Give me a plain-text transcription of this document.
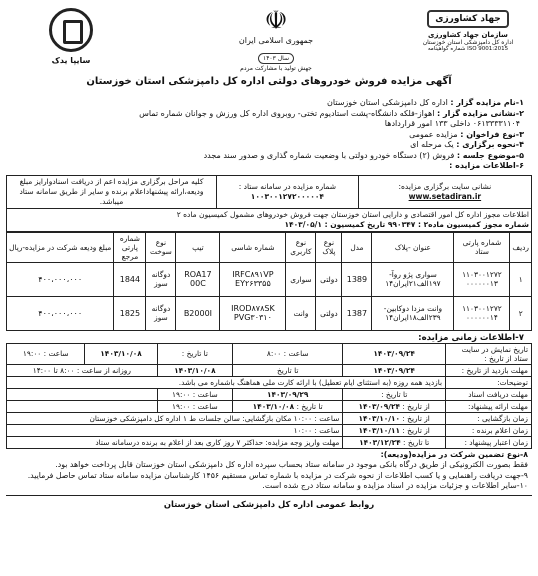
سایپا یدک
☫
جمهوری اسلامی ایران
سال ۱۴۰۳
جهش تولید با مشارکت مردم
جهاد کشاورزی
سازمان جهاد کشاورزی
اداره کل دامپزشکی استان خوزستان
ISO 9001:2015 شماره گواهینامه
آگهی مزایده فروش خودروهای دولتی اداره کل دامپزشکی استان خوزستان
۱-نام مزایده گزار : اداره کل دامپزشکی استان خوزستان
۲-نشانی مزایده گزار : اهواز-فلکه دانشگاه-پشت استادیوم تختی- روبروی اداره کل ورزش و جوانان شماره تماس
۰۶۱۳۳۳۳۱۱۰۴ داخلی ۱۳۳ امور قراردادها
۳-نوع فراخوان : مزایده عمومی
۴-نحوه برگزاری : یک مرحله ای
۵-موضوع جلسه : فروش (۲) دستگاه خودرو دولتی با وضعیت شماره گذاری و صدور سند مجدد
۶-اطلاعات مزایده :
نشانی سایت برگزاری مزایده:
www.setadiran.ir

شماره مزایده در سامانه ستاد :
۱۰۰۳۰۰۱۲۷۲۰۰۰۰۰۴
	کلیه مراحل برگزاری مزایده اعم از دریافت اسنادوارایز مبلغ ودیعه،ارائه پیشنهاداعلام برنده و سایر از طریق سامانه ستاد میباشد.

اطلاعات مجوز اداره کل امور اقتصادی و دارایی استان خوزستان جهت فروش خودروهای مشمول کمیسیون ماده ۲
شماره مجوز کمیسیون ماده۲ : ۹۹۰۳۴۷ تاریخ کمیسیون : ۱۴۰۳/۰۵/۱
ردیف	شماره پارتی ستاد	عنوان -پلاک	مدل	نوع پلاک	نوع کاربری	شماره شاسی	تیپ	نوع سوخت	شماره پارتی مرجع	مبلغ ودیعه شرکت در مزایده-ریال
۱	۱۱۰۳۰۰۱۲۷۲ ۰۰۰۰۰۰۱۳	سواری پژو روآ- ۱۹۷الف۲۱ایران۱۴	1389	دولتی	سواری	IRFC۸۹۱VP EY۲۶۳۳۵۵	ROA17 00C	دوگانه سوز	1844	۴۰۰،۰۰۰،۰۰۰
۲	۱۱۰۳۰۰۱۲۷۲ ۰۰۰۰۰۰۱۴	وانت مزدا دوکابین- ۲۳۹الف۱۸ایران۱۴	1387	دولتی	وانت	IROD۸۷۸SK PVG۳۰۳۱۰	B2000I	دوگانه سوز	1825	۴۰۰،۰۰۰،۰۰۰
۷-اطلاعات زمانی مزایده:
تاریخ نمایش در سایت ستاد از تاریخ :	۱۴۰۳/۰۹/۲۴	ساعت : ۸:۰۰	تا تاریخ :	۱۴۰۳/۱۰/۰۸	ساعت : ۱۹:۰۰
مهلت بازدید از تاریخ :	۱۴۰۳/۰۹/۲۴	تا تاریخ	۱۴۰۳/۱۰/۰۸	روزانه از ساعت : ۸:۰۰ تا ۱۴:۰۰	
توضیحات:	بازدید همه روزه (به استثنای ایام تعطیل) با ارائه کارت ملی هماهنگ باشماره می باشد.				
مهلت دریافت اسناد	تا تاریخ :	۱۴۰۳/۰۹/۲۹	ساعت : ۱۹:۰۰		
مهلت ارائه پیشنهاد:	از تاریخ : ۱۴۰۳/۰۹/۲۴	تا تاریخ : ۱۴۰۳/۱۰/۰۸	ساعت : ۱۹:۰۰		
زمان بازگشایی :	از تاریخ : ۱۴۰۳/۱۰/۱۰	ساعت : ۱۰:۰۰ مکان بازگشایی: سالن جلسات ط ۱ اداره کل دامپزشکی خوزستان			
زمان اعلام برنده :	از تاریخ : ۱۴۰۳/۱۰/۱۱	ساعت : ۱۰:۰۰			
زمان اعتبار پیشنهاد :	تا تاریخ : ۱۴۰۳/۱۲/۲۴	مهلت واریز وجه مزایده: حداکثر ۷ روز کاری بعد از اعلام به برنده درسامانه ستاد			
۸-نوع تضمین شرکت در مزایده(ودیعه):
فقط بصورت الکترونیکی از طریق درگاه بانکی موجود در سامانه ستاد بحساب سپرده اداره کل دامپزشکی استان خوزستان قابل پرداخت خواهد بود.
۹-جهت دریافت راهنمایی و یا کسب اطلاعات از نحوه شرکت در مزایده با شماره تماس مستقیم ۱۴۵۶ کارشناسان مزایده سامانه ستاد تماس حاصل فرمایید.
۱۰-سایر اطلاعات و جزئیات مزایده در اسناد مزایده و سامانه ستاد درج شده است.
روابط عمومی اداره کل دامپزشکی استان خوزستان
